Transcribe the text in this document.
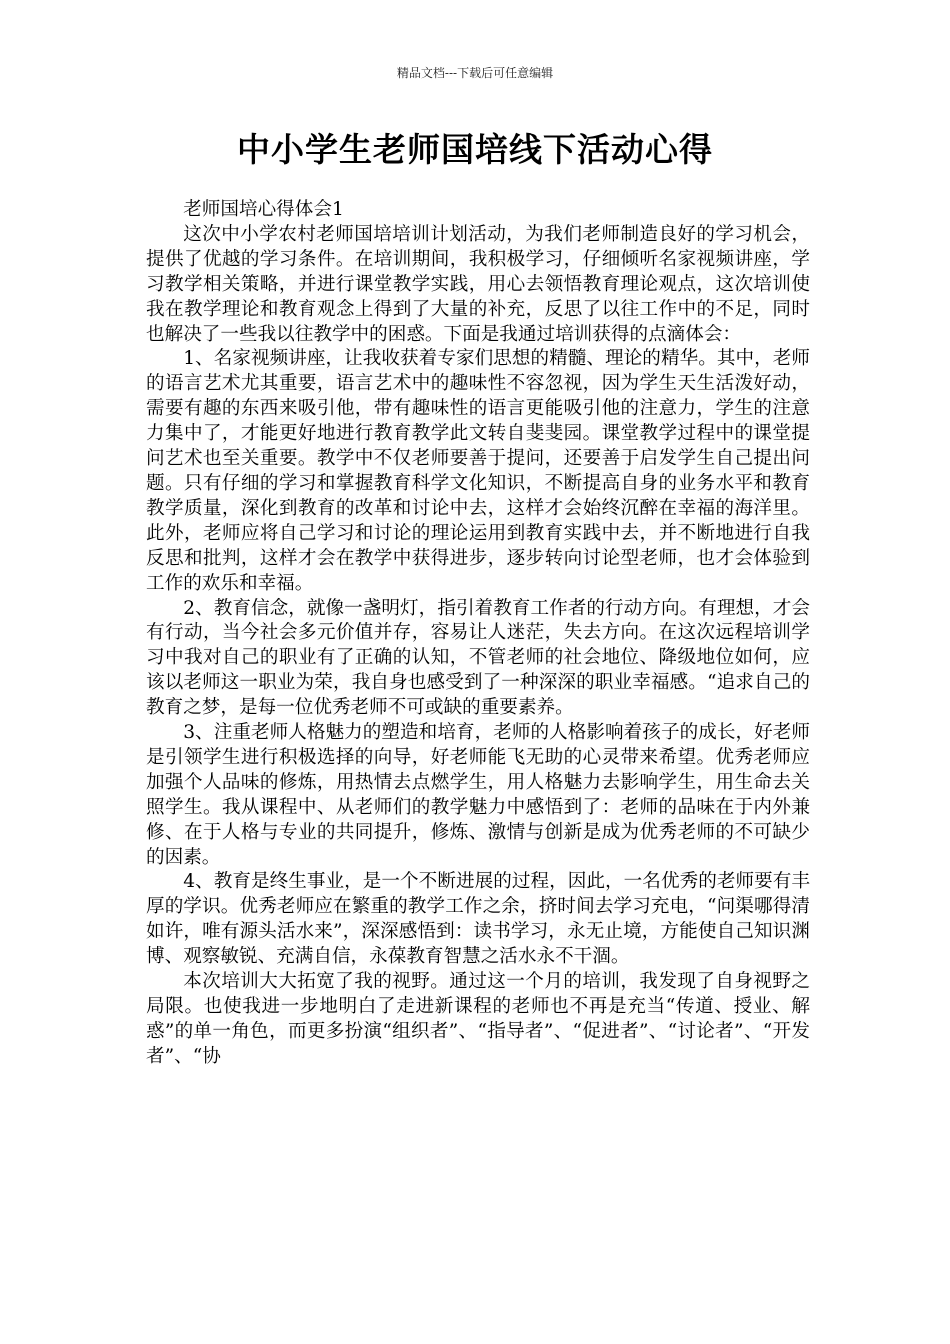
精品文档---下载后可任意编辑
中小学生老师国培线下活动心得

老师国培心得体会1

这次中小学农村老师国培培训计划活动，为我们老师制造良好的学习机会，提供了优越的学习条件。在培训期间，我积极学习，仔细倾听名家视频讲座，学习教学相关策略，并进行课堂教学实践，用心去领悟教育理论观点，这次培训使我在教学理论和教育观念上得到了大量的补充，反思了以往工作中的不足，同时也解决了一些我以往教学中的困惑。下面是我通过培训获得的点滴体会：

1、名家视频讲座，让我收获着专家们思想的精髓、理论的精华。其中，老师的语言艺术尤其重要，语言艺术中的趣味性不容忽视，因为学生天生活泼好动，需要有趣的东西来吸引他，带有趣味性的语言更能吸引他的注意力，学生的注意力集中了，才能更好地进行教育教学此文转自斐斐园。课堂教学过程中的课堂提问艺术也至关重要。教学中不仅老师要善于提问，还要善于启发学生自己提出问题。只有仔细的学习和掌握教育科学文化知识，不断提高自身的业务水平和教育教学质量，深化到教育的改革和讨论中去，这样才会始终沉醉在幸福的海洋里。此外，老师应将自己学习和讨论的理论运用到教育实践中去，并不断地进行自我反思和批判，这样才会在教学中获得进步，逐步转向讨论型老师，也才会体验到工作的欢乐和幸福。

2、教育信念，就像一盏明灯，指引着教育工作者的行动方向。有理想，才会有行动，当今社会多元价值并存，容易让人迷茫，失去方向。在这次远程培训学习中我对自己的职业有了正确的认知，不管老师的社会地位、降级地位如何，应该以老师这一职业为荣，我自身也感受到了一种深深的职业幸福感。“追求自己的教育之梦，是每一位优秀老师不可或缺的重要素养。

3、注重老师人格魅力的塑造和培育，老师的人格影响着孩子的成长，好老师是引领学生进行积极选择的向导，好老师能飞无助的心灵带来希望。优秀老师应加强个人品味的修炼，用热情去点燃学生，用人格魅力去影响学生，用生命去关照学生。我从课程中、从老师们的教学魅力中感悟到了：老师的品味在于内外兼修、在于人格与专业的共同提升，修炼、激情与创新是成为优秀老师的不可缺少的因素。

4、教育是终生事业，是一个不断进展的过程，因此，一名优秀的老师要有丰厚的学识。优秀老师应在繁重的教学工作之余，挤时间去学习充电，“问渠哪得清如许，唯有源头活水来”，深深感悟到：读书学习，永无止境，方能使自己知识渊博、观察敏锐、充满自信，永葆教育智慧之活水永不干涸。

本次培训大大拓宽了我的视野。通过这一个月的培训，我发现了自身视野之局限。也使我进一步地明白了走进新课程的老师也不再是充当“传道、授业、解惑”的单一角色，而更多扮演“组织者”、“指导者”、“促进者”、“讨论者”、“开发者”、“协
